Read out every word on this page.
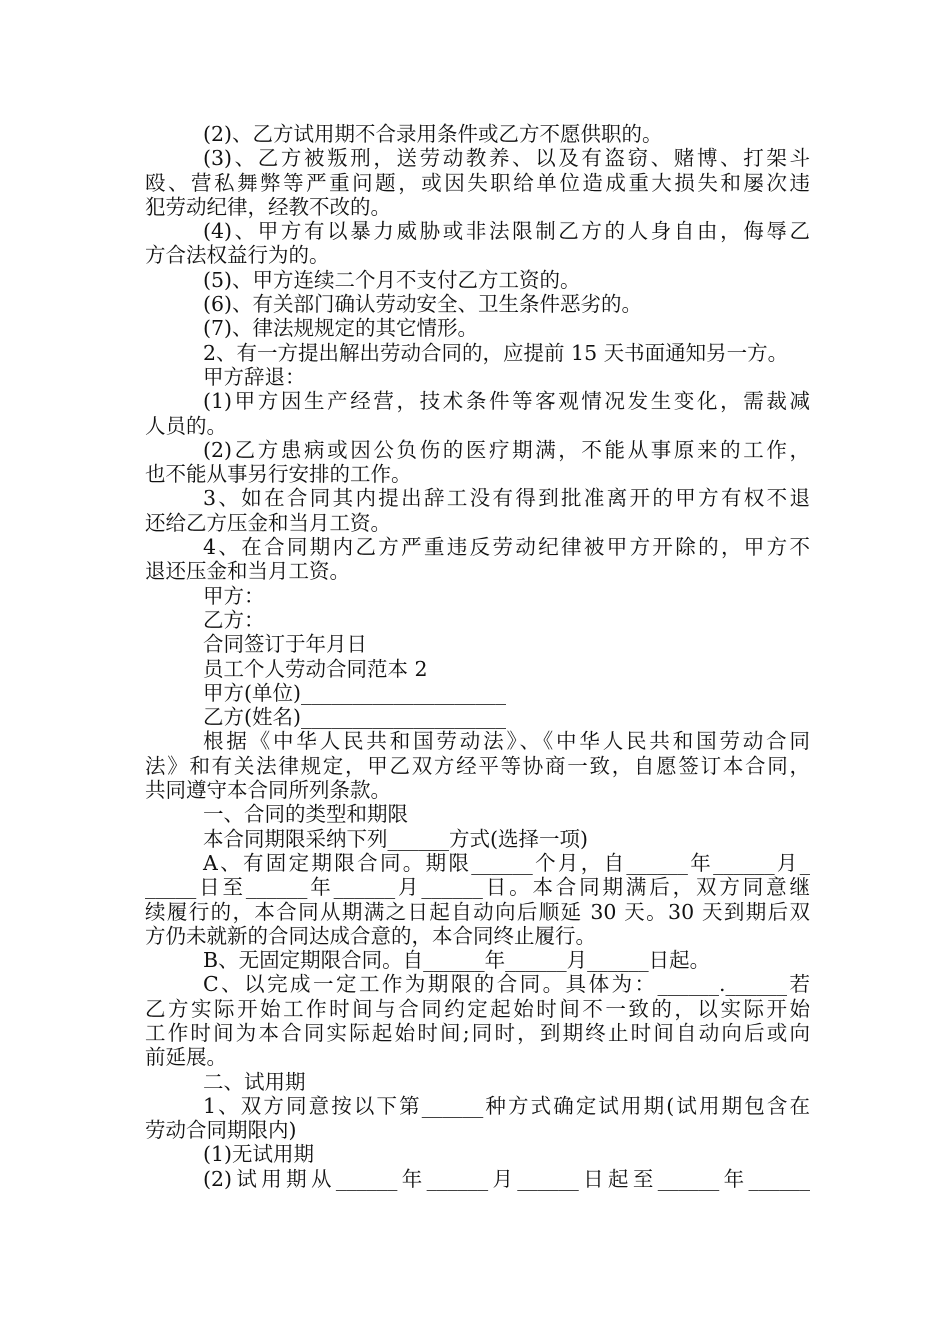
(2)、乙方试用期不合录用条件或乙方不愿供职的。
(3)、乙方被叛刑，送劳动教养、以及有盗窃、赌博、打架斗
殴、营私舞弊等严重问题，或因失职给单位造成重大损失和屡次违
犯劳动纪律，经教不改的。
(4)、甲方有以暴力威胁或非法限制乙方的人身自由，侮辱乙
方合法权益行为的。
(5)、甲方连续二个月不支付乙方工资的。
(6)、有关部门确认劳动安全、卫生条件恶劣的。
(7)、律法规规定的其它情形。
2、有一方提出解出劳动合同的，应提前 15 天书面通知另一方。
甲方辞退：
(1)甲方因生产经营，技术条件等客观情况发生变化，需裁减
人员的。
(2)乙方患病或因公负伤的医疗期满，不能从事原来的工作，
也不能从事另行安排的工作。
3、如在合同其内提出辞工没有得到批准离开的甲方有权不退
还给乙方压金和当月工资。
4、在合同期内乙方严重违反劳动纪律被甲方开除的，甲方不
退还压金和当月工资。
甲方：
乙方：
合同签订于年月日
员工个人劳动合同范本 2
甲方(单位)____________________
乙方(姓名)____________________
根据《中华人民共和国劳动法》、《中华人民共和国劳动合同
法》和有关法律规定，甲乙双方经平等协商一致，自愿签订本合同，
共同遵守本合同所列条款。
一、合同的类型和期限
本合同期限采纳下列______方式(选择一项)
A、有固定期限合同。期限______个月，自______年______月_
_____日至______年______月______日。本合同期满后，双方同意继
续履行的，本合同从期满之日起自动向后顺延 30 天。30 天到期后双
方仍未就新的合同达成合意的，本合同终止履行。
B、无固定期限合同。自______年______月______日起。
C、以完成一定工作为期限的合同。具体为：______.______若
乙方实际开始工作时间与合同约定起始时间不一致的，以实际开始
工作时间为本合同实际起始时间;同时，到期终止时间自动向后或向
前延展。
二、试用期
1、双方同意按以下第______种方式确定试用期(试用期包含在
劳动合同期限内)
(1)无试用期
(2)试用期从______年______月______日起至______年______
